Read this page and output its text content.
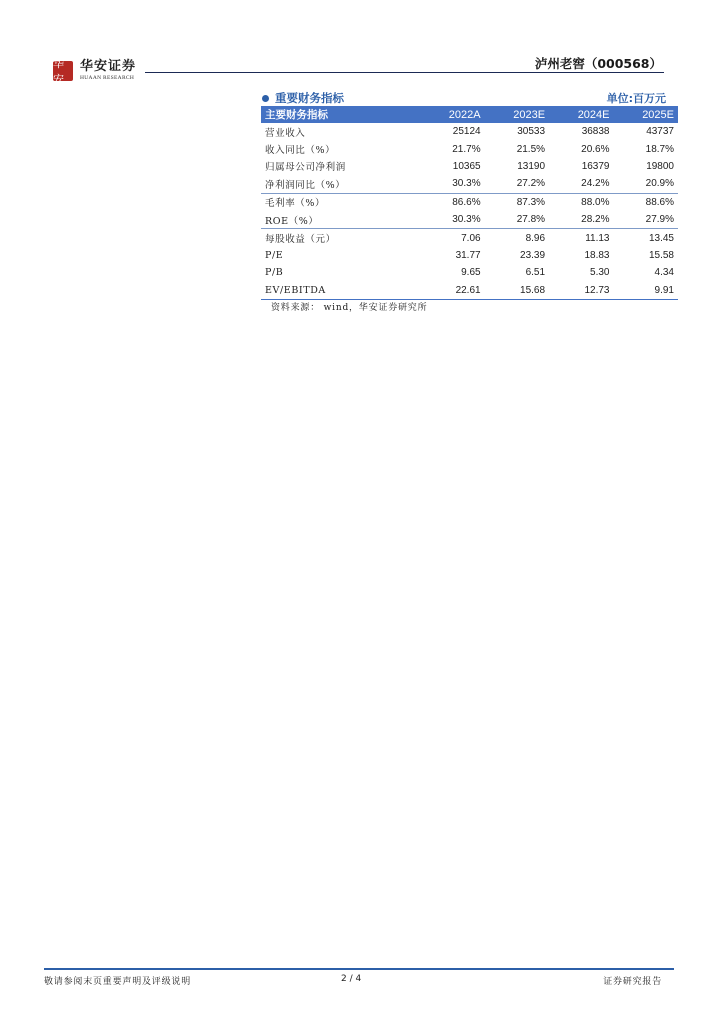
华安
华安证券
HUAAN RESEARCH
泸州老窖（000568）
重要财务指标	单位:百万元
主要财务指标	2022A	2023E	2024E	2025E
营业收入	25124	30533	36838	43737
收入同比（%）	21.7%	21.5%	20.6%	18.7%
归属母公司净利润	10365	13190	16379	19800
净利润同比（%）	30.3%	27.2%	24.2%	20.9%
毛利率（%）	86.6%	87.3%	88.0%	88.6%
ROE（%）	30.3%	27.8%	28.2%	27.9%
每股收益（元）	7.06	8.96	11.13	13.45
P/E	31.77	23.39	18.83	15.58
P/B	9.65	6.51	5.30	4.34
EV/EBITDA	22.61	15.68	12.73	9.91
资料来源： wind，华安证券研究所
敬请参阅末页重要声明及评级说明	2 / 4	证券研究报告
